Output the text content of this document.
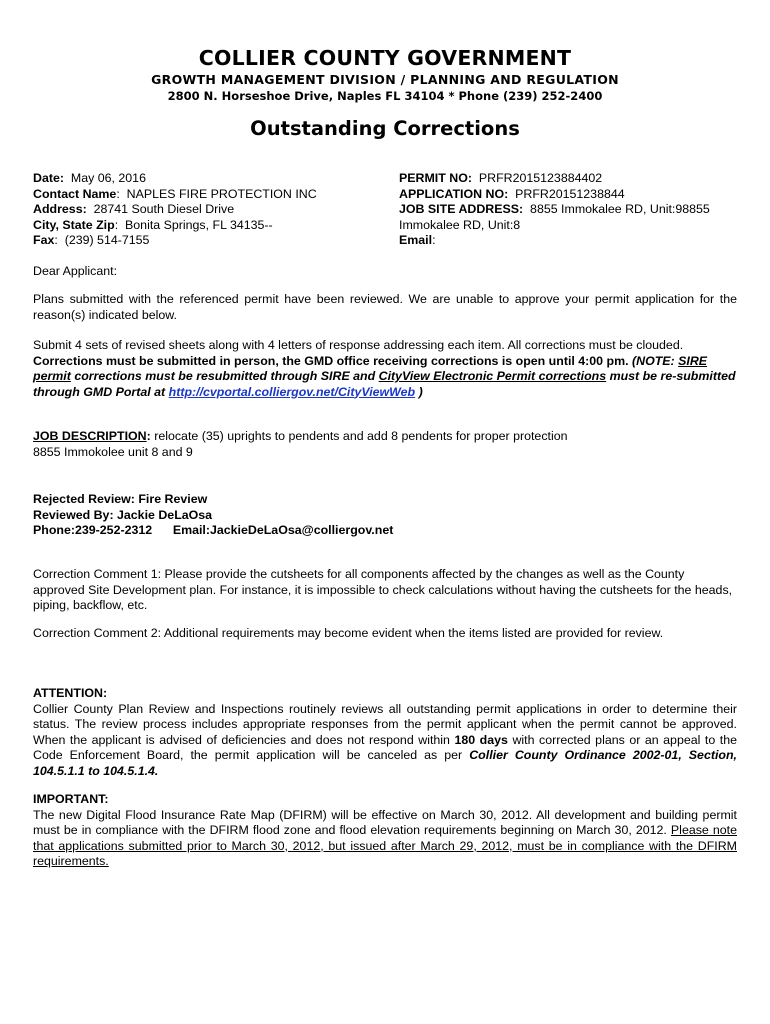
COLLIER COUNTY GOVERNMENT
GROWTH MANAGEMENT DIVISION / PLANNING AND REGULATION
2800 N. Horseshoe Drive, Naples FL 34104 * Phone (239) 252-2400
Outstanding Corrections
Date: May 06, 2016
Contact Name:  NAPLES FIRE PROTECTION INC
Address: 28741 South Diesel Drive
City, State Zip:  Bonita Springs, FL 34135--
Fax:  (239) 514-7155
PERMIT NO: PRFR2015123884402
APPLICATION NO: PRFR20151238844
JOB SITE ADDRESS: 8855 Immokalee RD, Unit:98855
Immokalee RD, Unit:8
Email:
Dear Applicant:
Plans submitted with the referenced permit have been reviewed. We are unable to approve your permit application for the reason(s) indicated below.
Submit 4 sets of revised sheets along with 4 letters of response addressing each item. All corrections must be clouded.
Corrections must be submitted in person, the GMD office receiving corrections is open until 4:00 pm. (NOTE: SIRE permit corrections must be resubmitted through SIRE and CityView Electronic Permit corrections must be re-submitted through GMD Portal at http://cvportal.colliergov.net/CityViewWeb )
JOB DESCRIPTION: relocate (35) uprights to pendents and add 8 pendents for proper protection
8855 Immokolee unit 8 and 9
Rejected Review: Fire Review
Reviewed By: Jackie DeLaOsa
Phone:239-252-2312 Email:JackieDeLaOsa@colliergov.net
Correction Comment 1: Please provide the cutsheets for all components affected by the changes as well as the County approved Site Development plan. For instance, it is impossible to check calculations without having the cutsheets for the heads, piping, backflow, etc.
Correction Comment 2: Additional requirements may become evident when the items listed are provided for review.
ATTENTION:
Collier County Plan Review and Inspections routinely reviews all outstanding permit applications in order to determine their status. The review process includes appropriate responses from the permit applicant when the permit cannot be approved. When the applicant is advised of deficiencies and does not respond within 180 days with corrected plans or an appeal to the Code Enforcement Board, the permit application will be canceled as per Collier County Ordinance 2002-01, Section, 104.5.1.1 to 104.5.1.4.
IMPORTANT:
The new Digital Flood Insurance Rate Map (DFIRM) will be effective on March 30, 2012. All development and building permit must be in compliance with the DFIRM flood zone and flood elevation requirements beginning on March 30, 2012. Please note that applications submitted prior to March 30, 2012, but issued after March 29, 2012, must be in compliance with the DFIRM requirements.
